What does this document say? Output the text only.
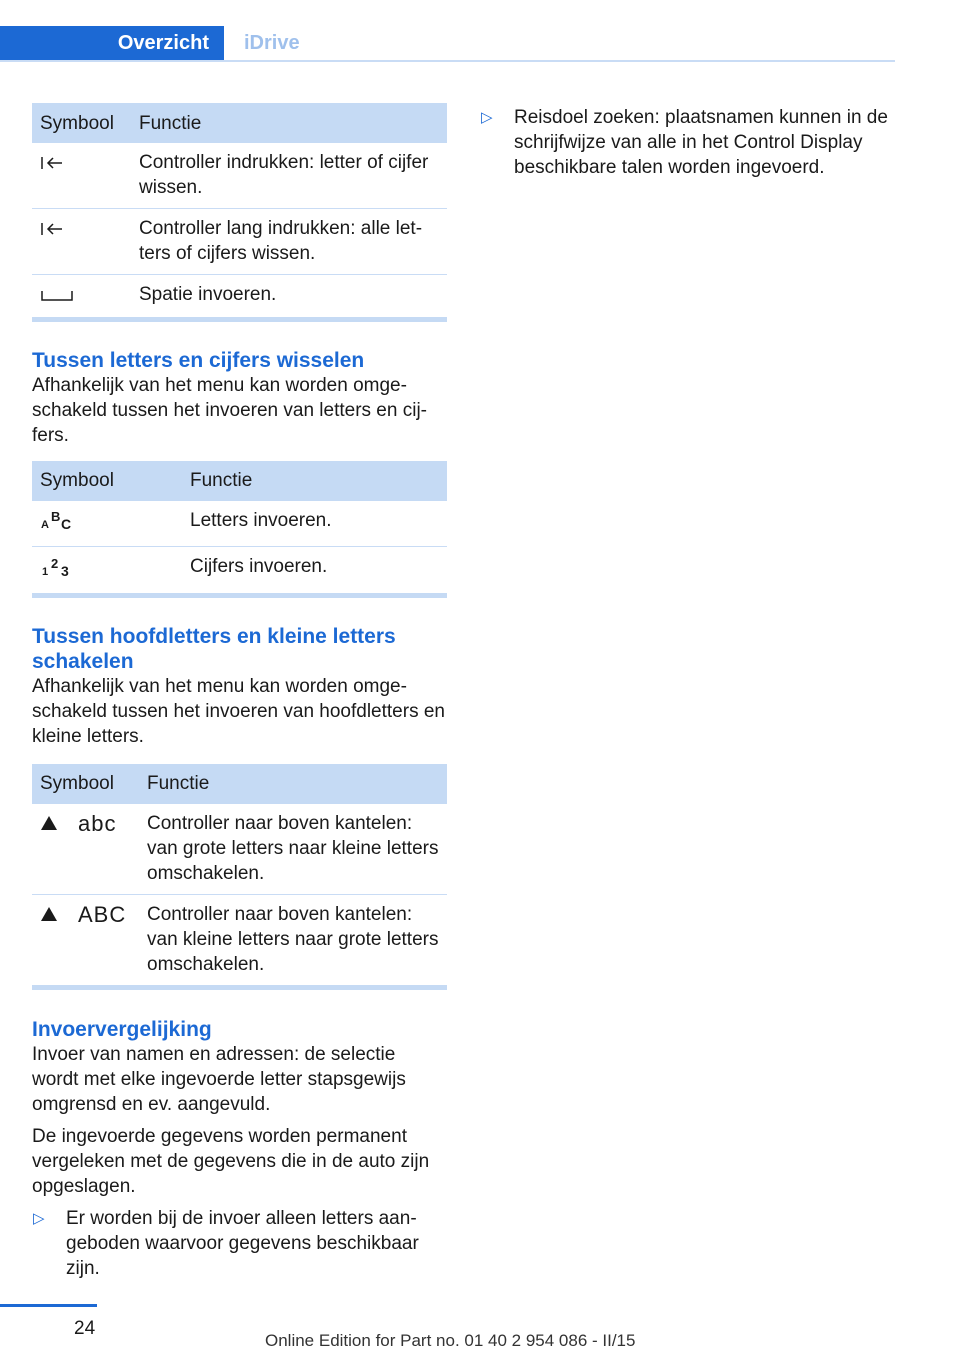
Overzicht	iDrive
Symbool	Functie

	Controller indrukken: letter of cijfer wissen.

	Controller lang indrukken: alle letters of cijfers wissen.

	Spatie invoeren.
Tussen letters en cijfers wisselen

Afhankelijk van het menu kan worden omgeschakeld tussen het invoeren van letters en cijfers.

Symbool	Functie

A
B C	Letters invoeren.

1
2 3	Cijfers invoeren.
Tussen hoofdletters en kleine letters schakelen

Afhankelijk van het menu kan worden omgeschakeld tussen het invoeren van hoofdletters en kleine letters.

Symbool	Functie

abc	Controller naar boven kantelen: van grote letters naar kleine letters omschakelen.

ABC	Controller naar boven kantelen: van kleine letters naar grote letters omschakelen.
Invoervergelijking

Invoer van namen en adressen: de selectie wordt met elke ingevoerde letter stapsgewijs omgrensd en ev. aangevuld.

De ingevoerde gegevens worden permanent vergeleken met de gegevens die in de auto zijn opgeslagen.

▷ Er worden bij de invoer alleen letters aangeboden waarvoor gegevens beschikbaar zijn.
▷ Reisdoel zoeken: plaatsnamen kunnen in de schrijfwijze van alle in het Control Display beschikbare talen worden ingevoerd.
24
Online Edition for Part no. 01 40 2 954 086 - II/15
